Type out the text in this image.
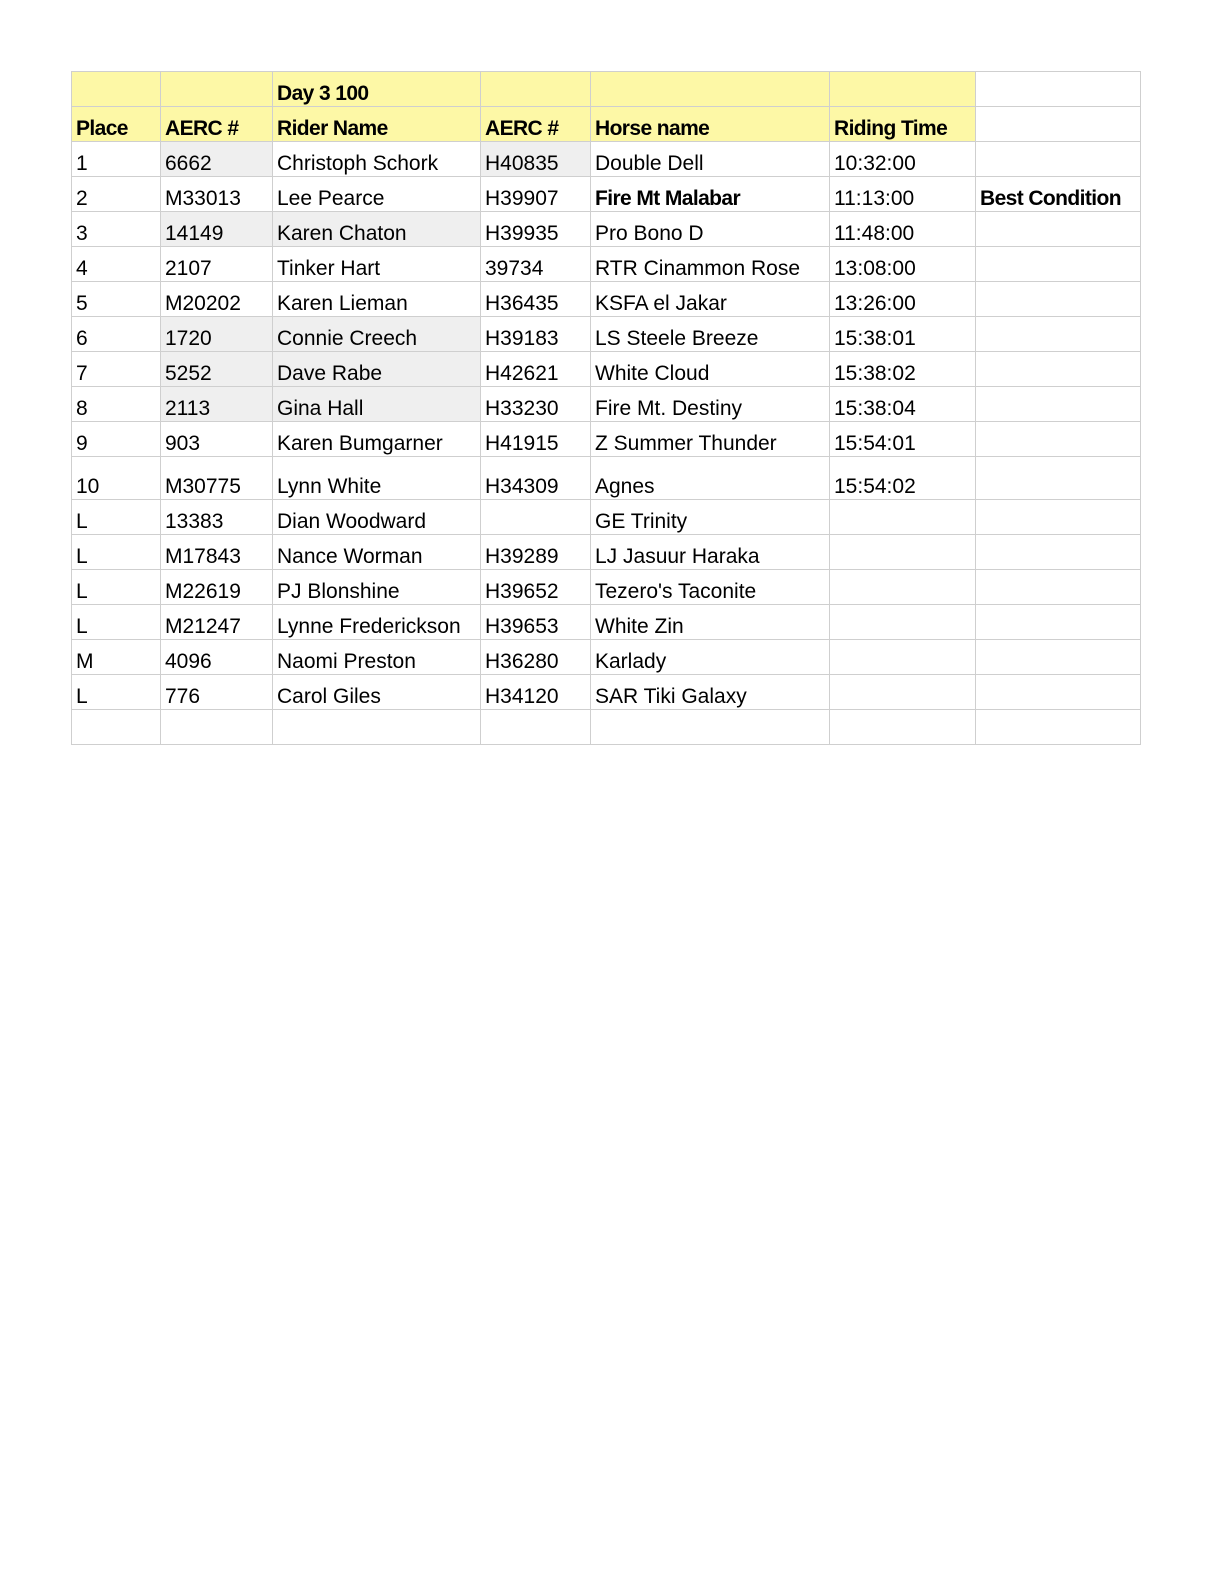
		Day 3 100				
Place	AERC #	Rider Name	AERC #	Horse name	Riding Time	
1	6662	Christoph Schork	H40835	Double Dell	10:32:00	
2	M33013	Lee Pearce	H39907	Fire Mt Malabar	11:13:00	Best Condition
3	14149	Karen Chaton	H39935	Pro Bono D	11:48:00	
4	2107	Tinker Hart	39734	RTR Cinammon Rose	13:08:00	
5	M20202	Karen Lieman	H36435	KSFA el Jakar	13:26:00	
6	1720	Connie Creech	H39183	LS Steele Breeze	15:38:01	
7	5252	Dave Rabe	H42621	White Cloud	15:38:02	
8	2113	Gina Hall	H33230	Fire Mt. Destiny	15:38:04	
9	903	Karen Bumgarner	H41915	Z Summer Thunder	15:54:01	
10	M30775	Lynn White	H34309	Agnes	15:54:02	
L	13383	Dian Woodward		GE Trinity		
L	M17843	Nance Worman	H39289	LJ Jasuur Haraka		
L	M22619	PJ Blonshine	H39652	Tezero's Taconite		
L	M21247	Lynne Frederickson	H39653	White Zin		
M	4096	Naomi Preston	H36280	Karlady		
L	776	Carol Giles	H34120	SAR Tiki Galaxy		
